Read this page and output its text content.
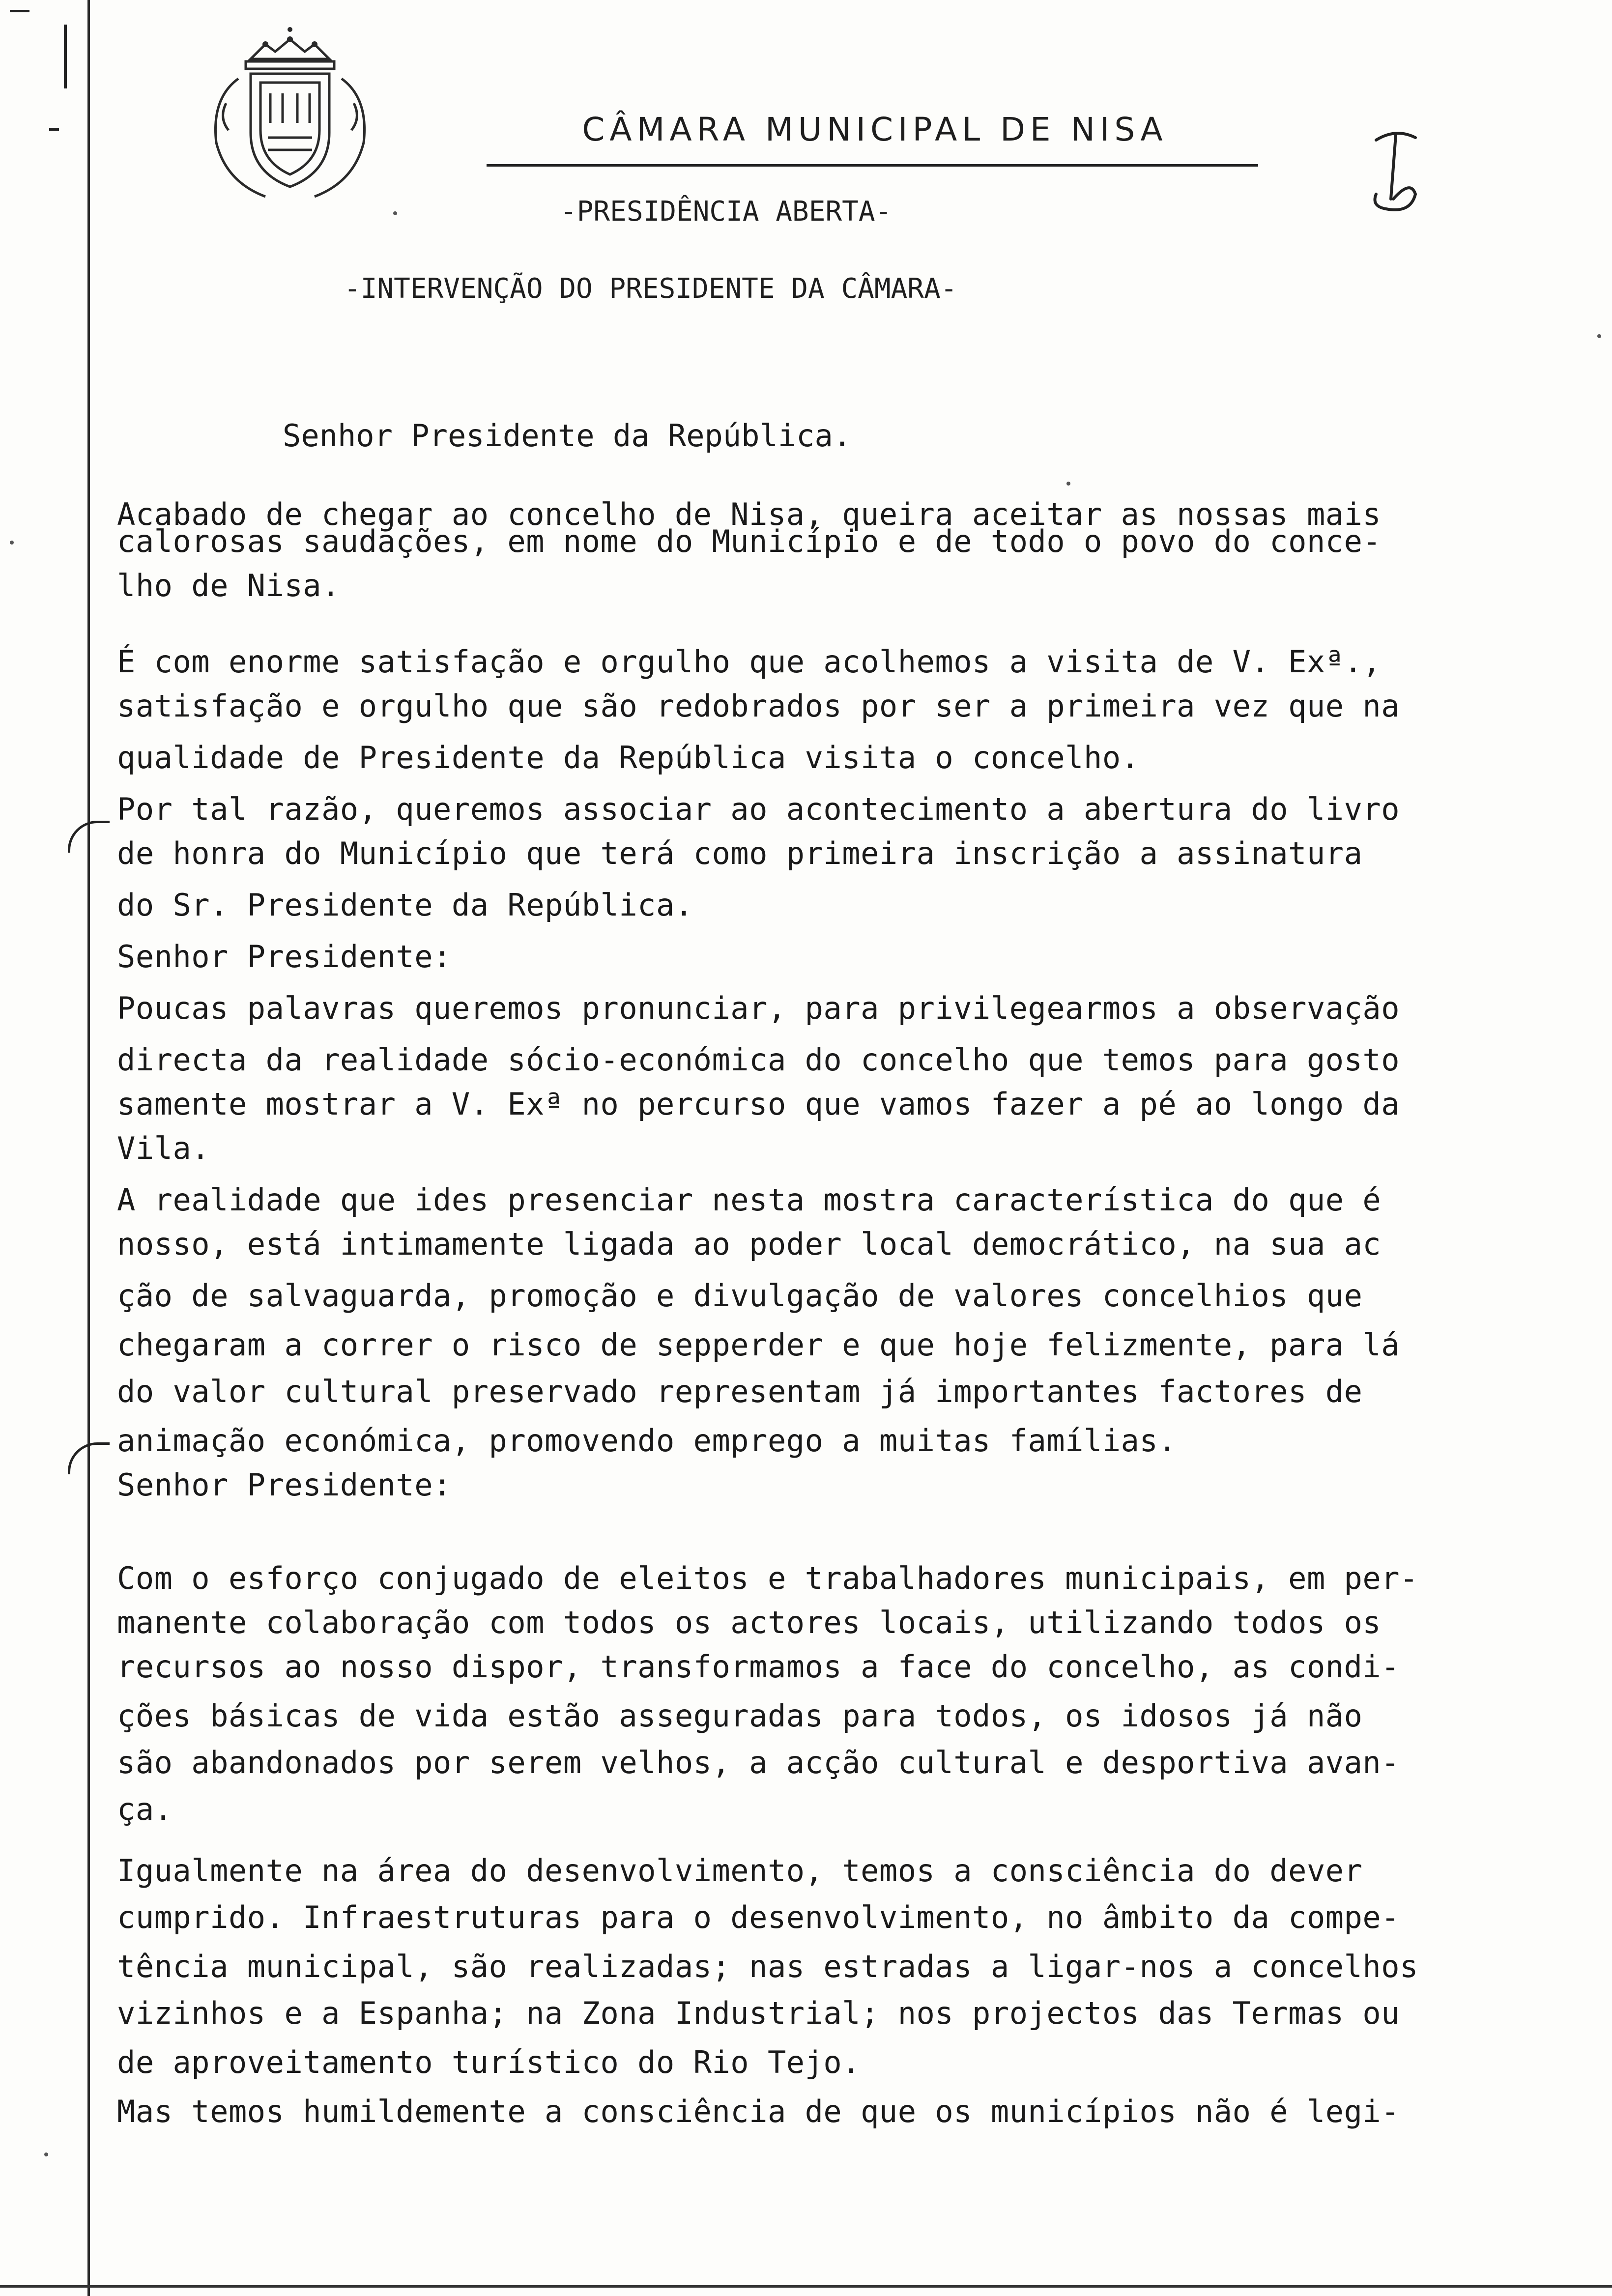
CÂMARA MUNICIPAL DE NISA
-PRESIDÊNCIA ABERTA-
-INTERVENÇÃO DO PRESIDENTE DA CÂMARA-
Senhor Presidente da República.
Acabado de chegar ao concelho de Nisa, queira aceitar as nossas mais
calorosas saudações, em nome do Município e de todo o povo do conce-
lho de Nisa.
É com enorme satisfação e orgulho que acolhemos a visita de V. Exª.,
satisfação e orgulho que são redobrados por ser a primeira vez que na
qualidade de Presidente da República visita o concelho.
Por tal razão, queremos associar ao acontecimento a abertura do livro
de honra do Município que terá como primeira inscrição a assinatura
do Sr. Presidente da República.
Senhor Presidente:
Poucas palavras queremos pronunciar, para privilegearmos a observação
directa da realidade sócio-económica do concelho que temos para gosto
samente mostrar a V. Exª no percurso que vamos fazer a pé ao longo da
Vila.
A realidade que ides presenciar nesta mostra característica do que é
nosso, está intimamente ligada ao poder local democrático, na sua ac
ção de salvaguarda, promoção e divulgação de valores concelhios que
chegaram a correr o risco de sepperder e que hoje felizmente, para lá
do valor cultural preservado representam já importantes factores de
animação económica, promovendo emprego a muitas famílias.
Senhor Presidente:
Com o esforço conjugado de eleitos e trabalhadores municipais, em per-
manente colaboração com todos os actores locais, utilizando todos os
recursos ao nosso dispor, transformamos a face do concelho, as condi-
ções básicas de vida estão asseguradas para todos, os idosos já não
são abandonados por serem velhos, a acção cultural e desportiva avan-
ça.
Igualmente na área do desenvolvimento, temos a consciência do dever
cumprido. Infraestruturas para o desenvolvimento, no âmbito da compe-
tência municipal, são realizadas; nas estradas a ligar-nos a concelhos
vizinhos e a Espanha; na Zona Industrial; nos projectos das Termas ou
de aproveitamento turístico do Rio Tejo.
Mas temos humildemente a consciência de que os municípios não é legi-
